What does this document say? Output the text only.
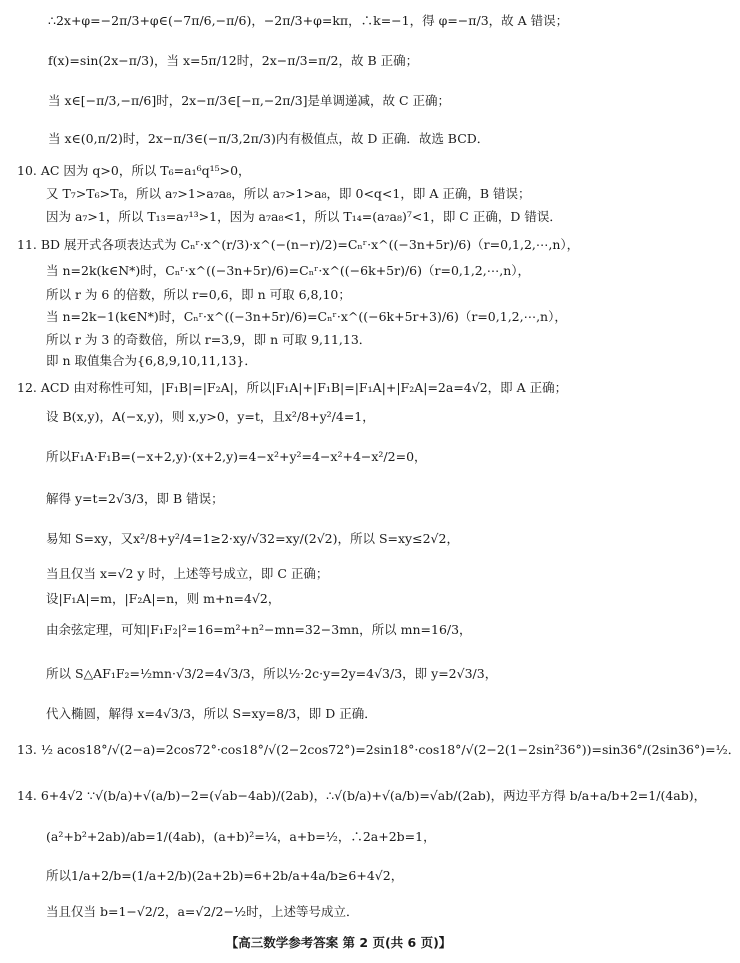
∴2x+φ=−2π/3+φ∈(−7π/6,−π/6)，−2π/3+φ=kπ，∴k=−1，得 φ=−π/3，故 A 错误；
f(x)=sin(2x−π/3)，当 x=5π/12时，2x−π/3=π/2，故 B 正确；
当 x∈[−π/3,−π/6]时，2x−π/3∈[−π,−2π/3]是单调递减，故 C 正确；
当 x∈(0,π/2)时，2x−π/3∈(−π/3,2π/3)内有极值点，故 D 正确．故选 BCD．
10. AC 因为 q>0，所以 T₆=a₁⁶q¹⁵>0，
又 T₇>T₆>T₈，所以 a₇>1>a₇a₈，所以 a₇>1>a₈，即 0<q<1，即 A 正确，B 错误；
因为 a₇>1，所以 T₁₃=a₇¹³>1，因为 a₇a₈<1，所以 T₁₄=(a₇a₈)⁷<1，即 C 正确，D 错误．
11. BD 展开式各项表达式为 Cₙʳ·x^(r/3)·x^(−(n−r)/2)=Cₙʳ·x^((−3n+5r)/6)（r=0,1,2,⋯,n），
当 n=2k(k∈N*)时，Cₙʳ·x^((−3n+5r)/6)=Cₙʳ·x^((−6k+5r)/6)（r=0,1,2,⋯,n），
所以 r 为 6 的倍数，所以 r=0,6，即 n 可取 6,8,10；
当 n=2k−1(k∈N*)时，Cₙʳ·x^((−3n+5r)/6)=Cₙʳ·x^((−6k+5r+3)/6)（r=0,1,2,⋯,n），
所以 r 为 3 的奇数倍，所以 r=3,9，即 n 可取 9,11,13．
即 n 取值集合为{6,8,9,10,11,13}．
12. ACD 由对称性可知，|F₁B|=|F₂A|，所以|F₁A|+|F₁B|=|F₁A|+|F₂A|=2a=4√2，即 A 正确；
设 B(x,y)，A(−x,y)，则 x,y>0，y=t，且x²/8+y²/4=1，
所以F₁A·F₁B=(−x+2,y)·(x+2,y)=4−x²+y²=4−x²+4−x²/2=0，
解得 y=t=2√3/3，即 B 错误；
易知 S=xy，又x²/8+y²/4=1≥2·xy/√32=xy/(2√2)，所以 S=xy≤2√2，
当且仅当 x=√2 y 时，上述等号成立，即 C 正确；
设|F₁A|=m，|F₂A|=n，则 m+n=4√2，
由余弦定理，可知|F₁F₂|²=16=m²+n²−mn=32−3mn，所以 mn=16/3，
所以 S△AF₁F₂=½mn·√3/2=4√3/3，所以½·2c·y=2y=4√3/3，即 y=2√3/3，
代入椭圆，解得 x=4√3/3，所以 S=xy=8/3，即 D 正确．
13. ½ acos18°/√(2−a)=2cos72°·cos18°/√(2−2cos72°)=2sin18°·cos18°/√(2−2(1−2sin²36°))=sin36°/(2sin36°)=½．
14. 6+4√2 ∵√(b/a)+√(a/b)−2=(√ab−4ab)/(2ab)，∴√(b/a)+√(a/b)=√ab/(2ab)，两边平方得 b/a+a/b+2=1/(4ab)，
(a²+b²+2ab)/ab=1/(4ab)，(a+b)²=¼，a+b=½，∴2a+2b=1，
所以1/a+2/b=(1/a+2/b)(2a+2b)=6+2b/a+4a/b≥6+4√2，
当且仅当 b=1−√2/2，a=√2/2−½时，上述等号成立．
【高三数学参考答案 第 2 页(共 6 页)】
